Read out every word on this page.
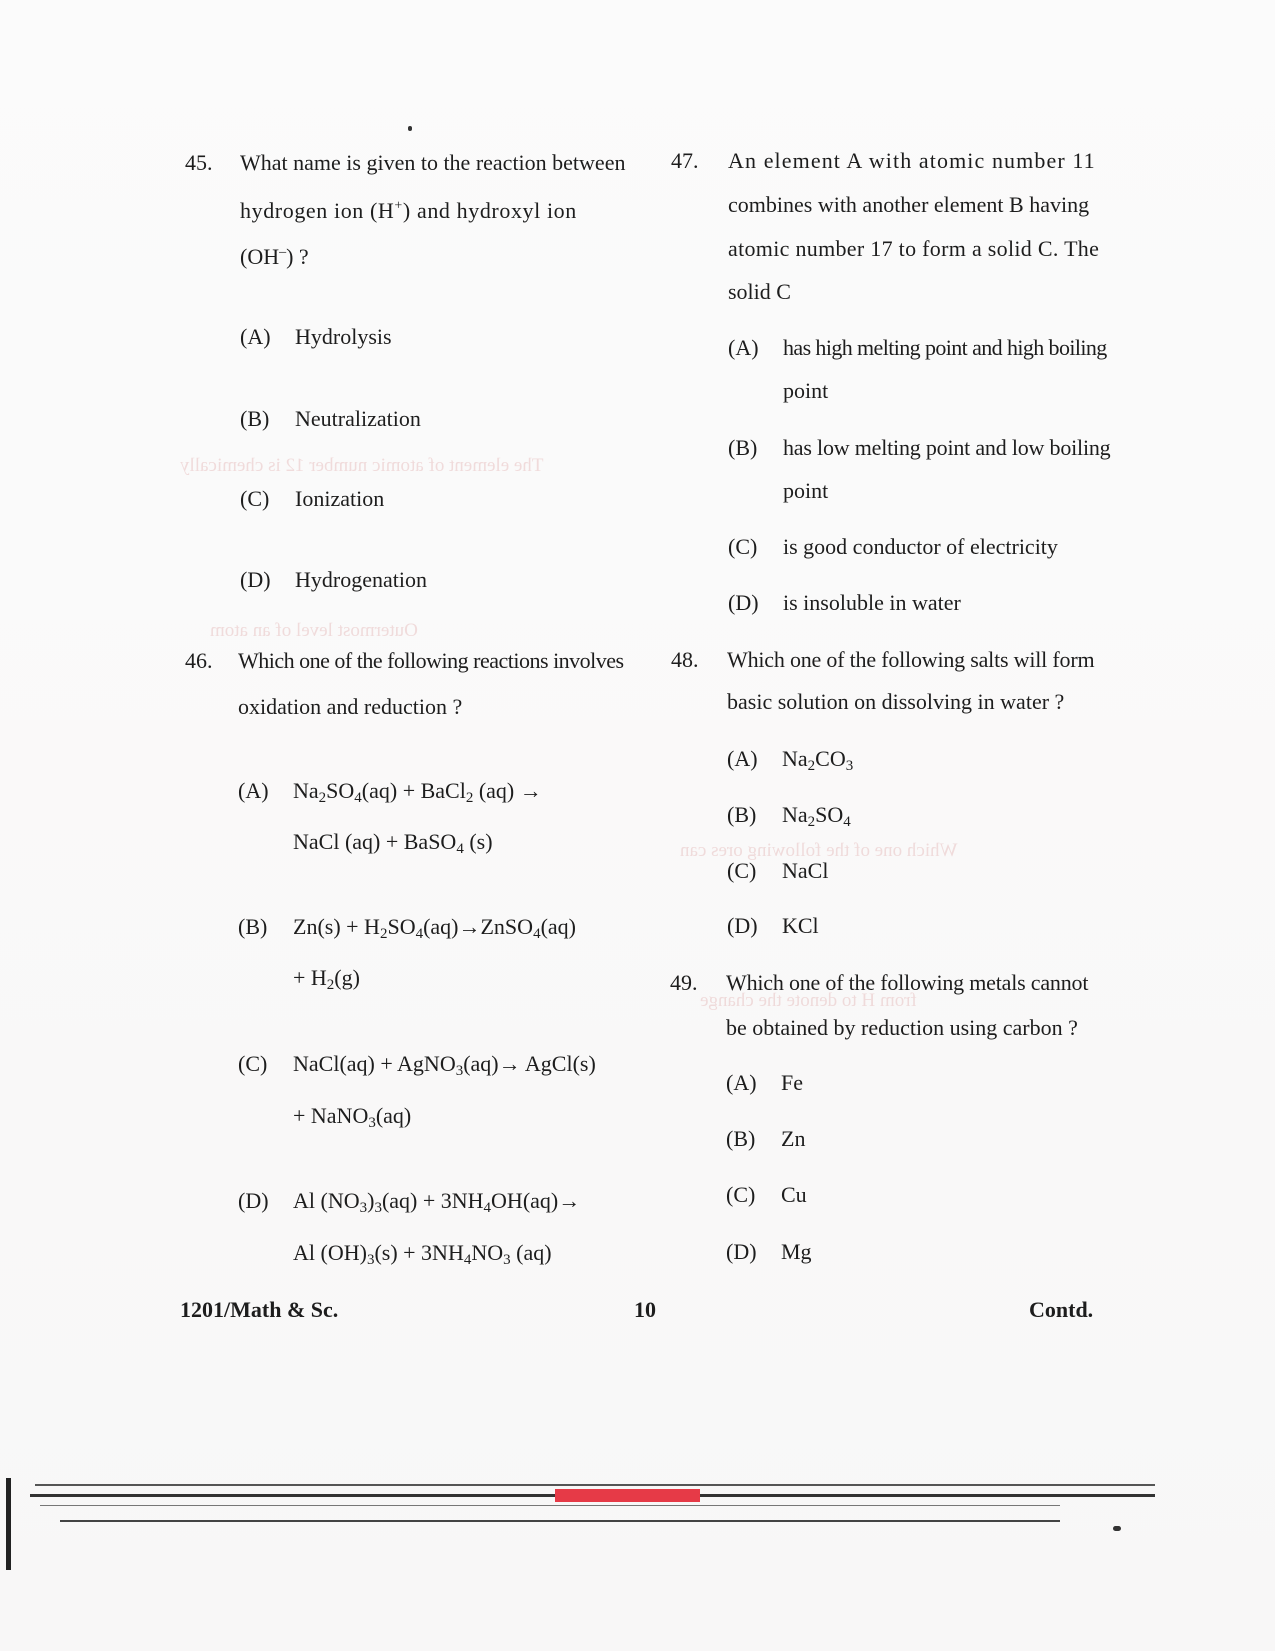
The element of atomic number 12 is chemically
Outermost level of an atom
Which one of the following ores can
from H to denote the change
45. What name is given to the reaction between
hydrogen ion (H+) and hydroxyl ion
(OH–) ?
(A) Hydrolysis
(B) Neutralization
(C) Ionization
(D) Hydrogenation
46. Which one of the following reactions involves
oxidation and reduction ?
(A) $Na_2SO_4(aq)$ + BaCl$_2$ (aq) →
NaCl (aq) + BaSO$_4$ (s)
(B) $Zn(s) + H_2SO_4(aq)\to ZnSO_4(aq)$
+ $H_2(g)$
(C) NaCl(aq) + AgNO$_3$(aq)→ AgCl(s)
+ NaNO$_3$(aq)
(D) Al $(NO_3)_3(aq) + 3NH_4OH(aq)\to$
Al $(OH)_3(s) + 3NH_4NO_3$ (aq)
47. An element A with atomic number 11
combines with another element B having
atomic number 17 to form a solid C. The
solid C
(A) has high melting point and high boiling
point
(B) has low melting point and low boiling
point
(C) is good conductor of electricity
(D) is insoluble in water
48. Which one of the following salts will form
basic solution on dissolving in water ?
(A) $Na_2CO_3$
(B) $Na_2SO_4$
(C) NaCl
(D) KCl
49. Which one of the following metals cannot
be obtained by reduction using carbon ?
(A) Fe
(B) Zn
(C) Cu
(D) Mg
1201/Math & Sc.	10	Contd.
